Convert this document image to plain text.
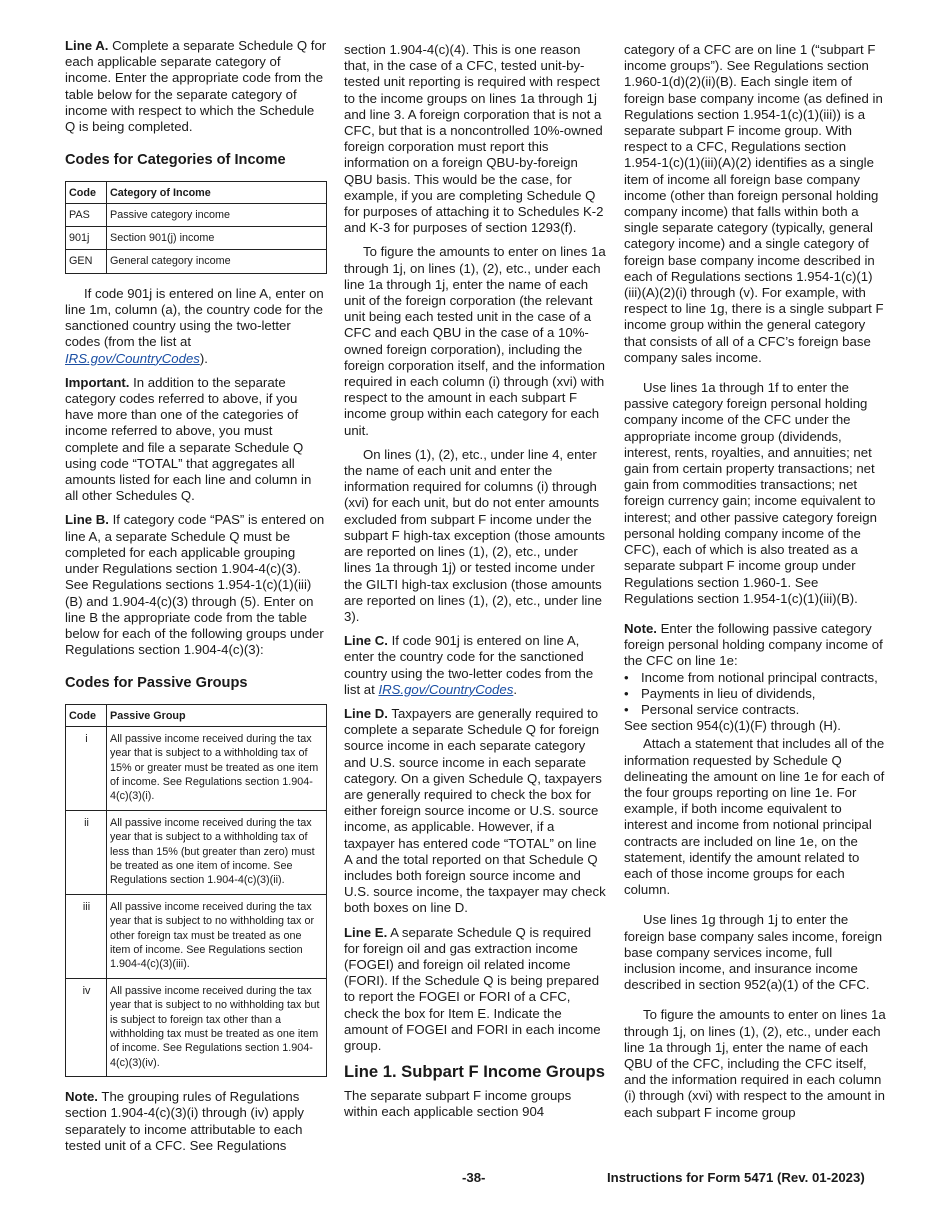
Line A. Complete a separate Schedule Q for each applicable separate category of income. Enter the appropriate code from the table below for the separate category of income with respect to which the Schedule Q is being completed.

Codes for Categories of Income
Code	Category of Income
PAS	Passive category income
901j	Section 901(j) income
GEN	General category income

If code 901j is entered on line A, enter on line 1m, column (a), the country code for the sanctioned country using the two-letter codes (from the list at IRS.gov/CountryCodes).

Important. In addition to the separate category codes referred to above, if you have more than one of the categories of income referred to above, you must complete and file a separate Schedule Q using code “TOTAL” that aggregates all amounts listed for each line and column in all other Schedules Q.

Line B. If category code “PAS” is entered on line A, a separate Schedule Q must be completed for each applicable grouping under Regulations section 1.904-4(c)(3). See Regulations sections 1.954-1(c)(1)(iii)(B) and 1.904-4(c)(3) through (5). Enter on line B the appropriate code from the table below for each of the following groups under Regulations section 1.904-4(c)(3):

Codes for Passive Groups
Code	Passive Group
i	All passive income received during the tax year that is subject to a withholding tax of 15% or greater must be treated as one item of income. See Regulations section 1.904-4(c)(3)(i).
ii	All passive income received during the tax year that is subject to a withholding tax of less than 15% (but greater than zero) must be treated as one item of income. See Regulations section 1.904-4(c)(3)(ii).
iii	All passive income received during the tax year that is subject to no withholding tax or other foreign tax must be treated as one item of income. See Regulations section 1.904-4(c)(3)(iii).
iv	All passive income received during the tax year that is subject to no withholding tax but is subject to foreign tax other than a withholding tax must be treated as one item of income. See Regulations section 1.904-4(c)(3)(iv).

Note. The grouping rules of Regulations section 1.904-4(c)(3)(i) through (iv) apply separately to income attributable to each tested unit of a CFC. See Regulations

section 1.904-4(c)(4). This is one reason that, in the case of a CFC, tested unit-by-tested unit reporting is required with respect to the income groups on lines 1a through 1j and line 3. A foreign corporation that is not a CFC, but that is a noncontrolled 10%-owned foreign corporation must report this information on a foreign QBU-by-foreign QBU basis. This would be the case, for example, if you are completing Schedule Q for purposes of attaching it to Schedules K-2 and K-3 for purposes of section 1293(f).

To figure the amounts to enter on lines 1a through 1j, on lines (1), (2), etc., under each line 1a through 1j, enter the name of each unit of the foreign corporation (the relevant unit being each tested unit in the case of a CFC and each QBU in the case of a 10%-owned foreign corporation), including the foreign corporation itself, and the information required in each column (i) through (xvi) with respect to the amount in each subpart F income group within each category for each unit.

On lines (1), (2), etc., under line 4, enter the name of each unit and enter the information required for columns (i) through (xvi) for each unit, but do not enter amounts excluded from subpart F income under the subpart F high-tax exception (those amounts are reported on lines (1), (2), etc., under lines 1a through 1j) or tested income under the GILTI high-tax exclusion (those amounts are reported on lines (1), (2), etc., under line 3).

Line C. If code 901j is entered on line A, enter the country code for the sanctioned country using the two-letter codes from the list at IRS.gov/CountryCodes.

Line D. Taxpayers are generally required to complete a separate Schedule Q for foreign source income in each separate category and U.S. source income in each separate category. On a given Schedule Q, taxpayers are generally required to check the box for either foreign source income or U.S. source income, as applicable. However, if a taxpayer has entered code “TOTAL” on line A and the total reported on that Schedule Q includes both foreign source income and U.S. source income, the taxpayer may check both boxes on line D.

Line E. A separate Schedule Q is required for foreign oil and gas extraction income (FOGEI) and foreign oil related income (FORI). If the Schedule Q is being prepared to report the FOGEI or FORI of a CFC, check the box for Item E. Indicate the amount of FOGEI and FORI in each income group.

Line 1. Subpart F Income Groups

The separate subpart F income groups within each applicable section 904

category of a CFC are on line 1 (“subpart F income groups”). See Regulations section 1.960-1(d)(2)(ii)(B). Each single item of foreign base company income (as defined in Regulations section 1.954-1(c)(1)(iii)) is a separate subpart F income group. With respect to a CFC, Regulations section 1.954-1(c)(1)(iii)(A)(2) identifies as a single item of income all foreign base company income (other than foreign personal holding company income) that falls within both a single separate category (typically, general category income) and a single category of foreign base company income described in each of Regulations sections 1.954-1(c)(1)(iii)(A)(2)(i) through (v). For example, with respect to line 1g, there is a single subpart F income group within the general category that consists of all of a CFC’s foreign base company sales income.

Use lines 1a through 1f to enter the passive category foreign personal holding company income of the CFC under the appropriate income group (dividends, interest, rents, royalties, and annuities; net gain from certain property transactions; net gain from commodities transactions; net foreign currency gain; income equivalent to interest; and other passive category foreign personal holding company income of the CFC), each of which is also treated as a separate subpart F income group under Regulations section 1.960-1. See Regulations section 1.954-1(c)(1)(iii)(B).

Note. Enter the following passive category foreign personal holding company income of the CFC on line 1e:

• Income from notional principal contracts,
• Payments in lieu of dividends,
• Personal service contracts.

See section 954(c)(1)(F) through (H).

Attach a statement that includes all of the information requested by Schedule Q delineating the amount on line 1e for each of the four groups reporting on line 1e. For example, if both income equivalent to interest and income from notional principal contracts are included on line 1e, on the statement, identify the amount related to each of those income groups for each column.

Use lines 1g through 1j to enter the foreign base company sales income, foreign base company services income, full inclusion income, and insurance income described in section 952(a)(1) of the CFC.

To figure the amounts to enter on lines 1a through 1j, on lines (1), (2), etc., under each line 1a through 1j, enter the name of each QBU of the CFC, including the CFC itself, and the information required in each column (i) through (xvi) with respect to the amount in each subpart F income group

-38-	Instructions for Form 5471 (Rev. 01-2023)
